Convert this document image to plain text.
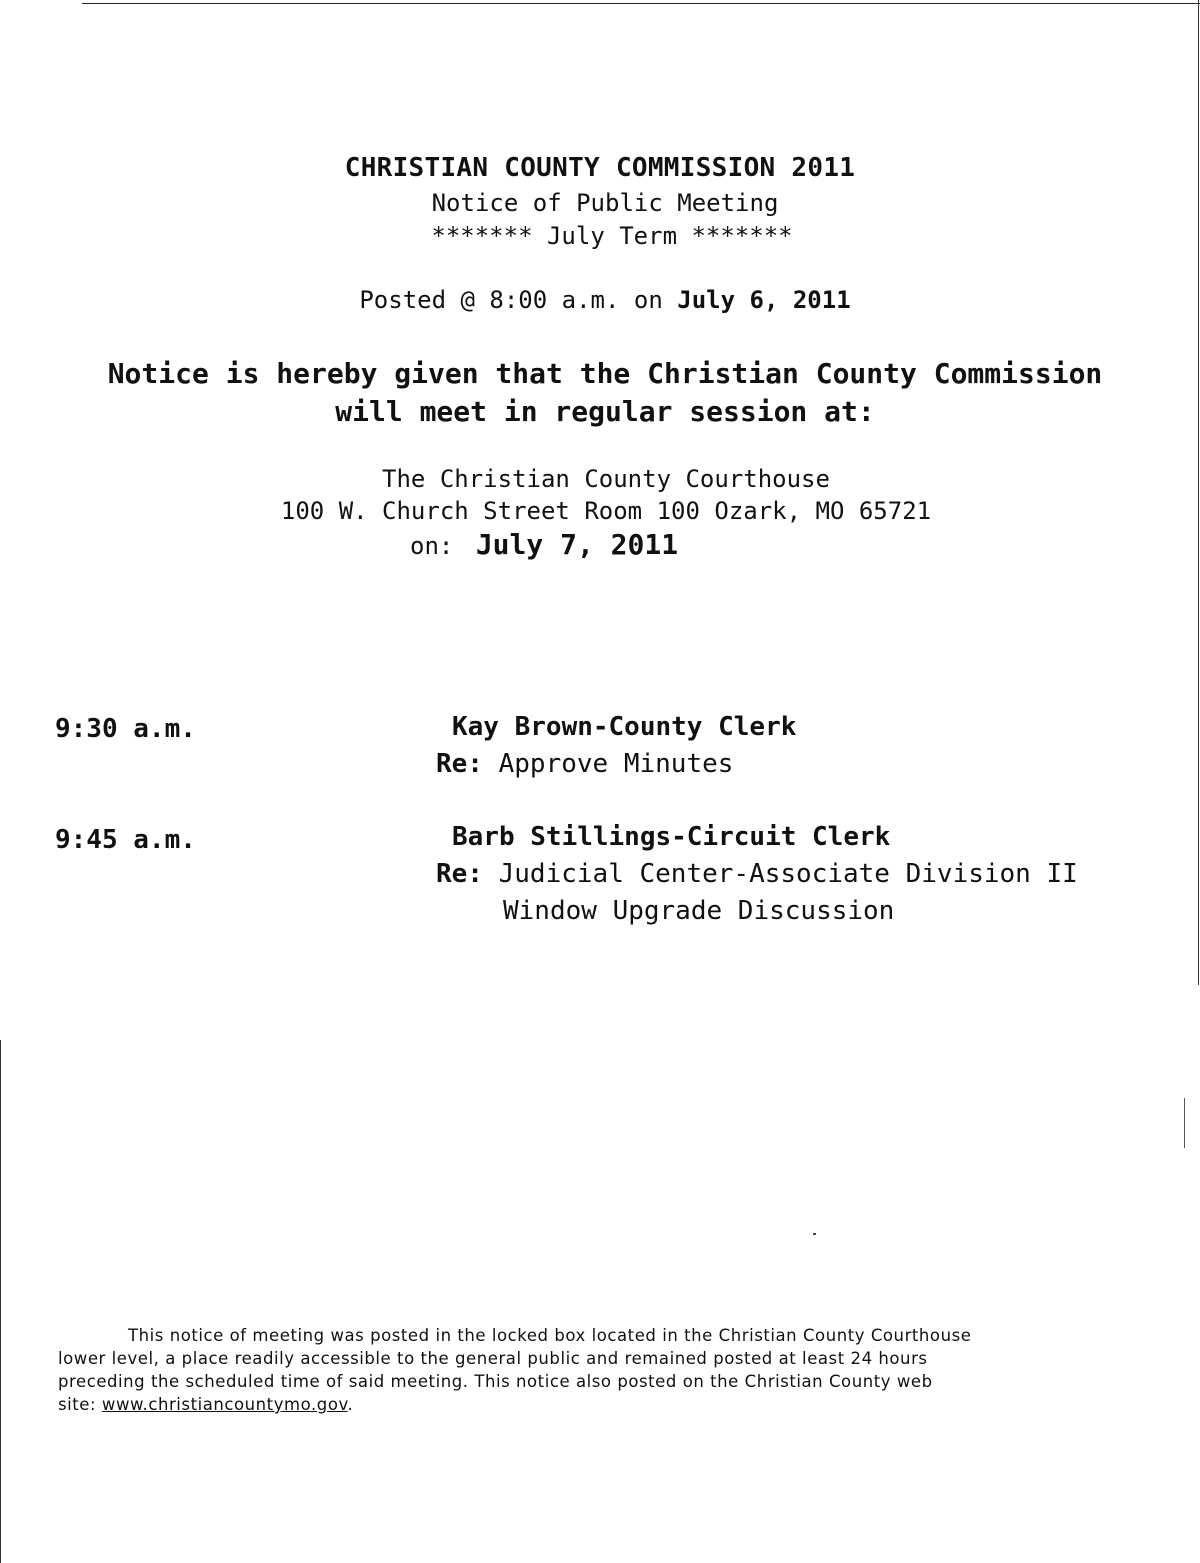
CHRISTIAN COUNTY COMMISSION 2011
Notice of Public Meeting
******* July Term *******
Posted @ 8:00 a.m. on July 6, 2011
Notice is hereby given that the Christian County Commission
will meet in regular session at:
The Christian County Courthouse
100 W. Church Street Room 100 Ozark, MO 65721
on: July 7, 2011
9:30 a.m.	Kay Brown-County Clerk
Re: Approve Minutes
9:45 a.m.	Barb Stillings-Circuit Clerk
Re: Judicial Center-Associate Division II
Window Upgrade Discussion
This notice of meeting was posted in the locked box located in the Christian County Courthouse
lower level, a place readily accessible to the general public and remained posted at least 24 hours
preceding the scheduled time of said meeting. This notice also posted on the Christian County web
site: www.christiancountymo.gov.
